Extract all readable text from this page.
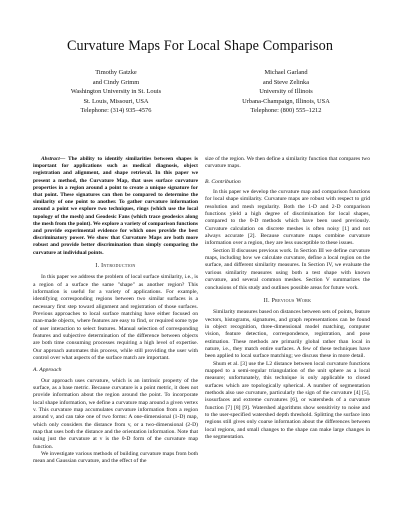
Curvature Maps For Local Shape Comparison
Timothy Gatzke
and Cindy Grimm
Washington University in St. Louis
St. Louis, Missouri, USA
Telephone: (314) 935–4576
Michael Garland
and Steve Zelinka
University of Illinois
Urbana-Champaign, Illinois, USA
Telephone: (800) 555–1212

Abstract— The ability to identify similarities between shapes is important for applications such as medical diagnosis, object registration and alignment, and shape retrieval. In this paper we present a method, the Curvature Map, that uses surface curvature properties in a region around a point to create a unique signature for that point. These signatures can then be compared to determine the similarity of one point to another. To gather curvature information around a point we explore two techniques, rings (which use the local topology of the mesh) and Geodesic Fans (which trace geodesics along the mesh from the point). We explore a variety of comparison functions and provide experimental evidence for which ones provide the best discriminatory power. We show that Curvature Maps are both more robust and provide better discrimination than simply comparing the curvature at individual points.

I. Introduction

In this paper we address the problem of local surface similarity, i.e., is a region of a surface the same "shape" as another region? This information is useful for a variety of applications. For example, identifying corresponding regions between two similar surfaces is a necessary first step toward alignment and registration of those surfaces. Previous approaches to local surface matching have either focused on man-made objects, where features are easy to find, or required some type of user interaction to select features. Manual selection of corresponding features and subjective determination of the difference between objects are both time consuming processes requiring a high level of expertise. Our approach automates this process, while still providing the user with control over what aspects of the surface match are important.

A. Approach

Our approach uses curvature, which is an intrinsic property of the surface, as a base metric. Because curvature is a point metric, it does not provide information about the region around the point. To incorporate local shape information, we define a curvature map around a given vertex v. This curvature map accumulates curvature information from a region around v, and can take one of two forms: A one-dimensional (1-D) map, which only considers the distance from v, or a two-dimensional (2-D) map that uses both the distance and the orientation information. Note that using just the curvature at v is the 0-D form of the curvature map function.

We investigate various methods of building curvature maps from both mean and Gaussian curvature, and the effect of the

size of the region. We then define a similarity function that compares two curvature maps.

B. Contribution

In this paper we develop the curvature map and comparison functions for local shape similarity. Curvature maps are robust with respect to grid resolution and mesh regularity. Both the 1-D and 2-D comparison functions yield a high degree of discrimination for local shapes, compared to the 0-D methods which have been used previously. Curvature calculation on discrete meshes is often noisy [1] and not always accurate [2]. Because curvature maps combine curvature information over a region, they are less susceptible to these issues.

Section II discusses previous work. In Section III we define curvature maps, including how we calculate curvature, define a local region on the surface, and different similarity measures. In Section IV, we evaluate the various similarity measures using both a test shape with known curvature, and several common meshes. Section V summarizes the conclusions of this study and outlines possible areas for future work.

II. Previous Work

Similarity measures based on distances between sets of points, feature vectors, histograms, signatures, and graph representations can be found in object recognition, three-dimensional model matching, computer vision, feature detection, correspondence, registration, and pose estimation. These methods are primarily global rather than local in nature, i.e., they match entire surfaces. A few of these techniques have been applied to local surface matching; we discuss these in more detail.

Shum et al. [3] use the L2 distance between local curvature functions mapped to a semi-regular triangulation of the unit sphere as a local measure; unfortunately, this technique is only applicable to closed surfaces which are topologically spherical. A number of segmentation methods also use curvature, particularly the sign of the curvature [4] [5], isosurfaces and extreme curvatures [6], or watersheds of a curvature function [7] [8] [9]. Watershed algorithms show sensitivity to noise and to the user-specified watershed depth threshold. Splitting the surface into regions still gives only coarse information about the differences between local regions, and small changes to the shape can make large changes in the segmentation.
